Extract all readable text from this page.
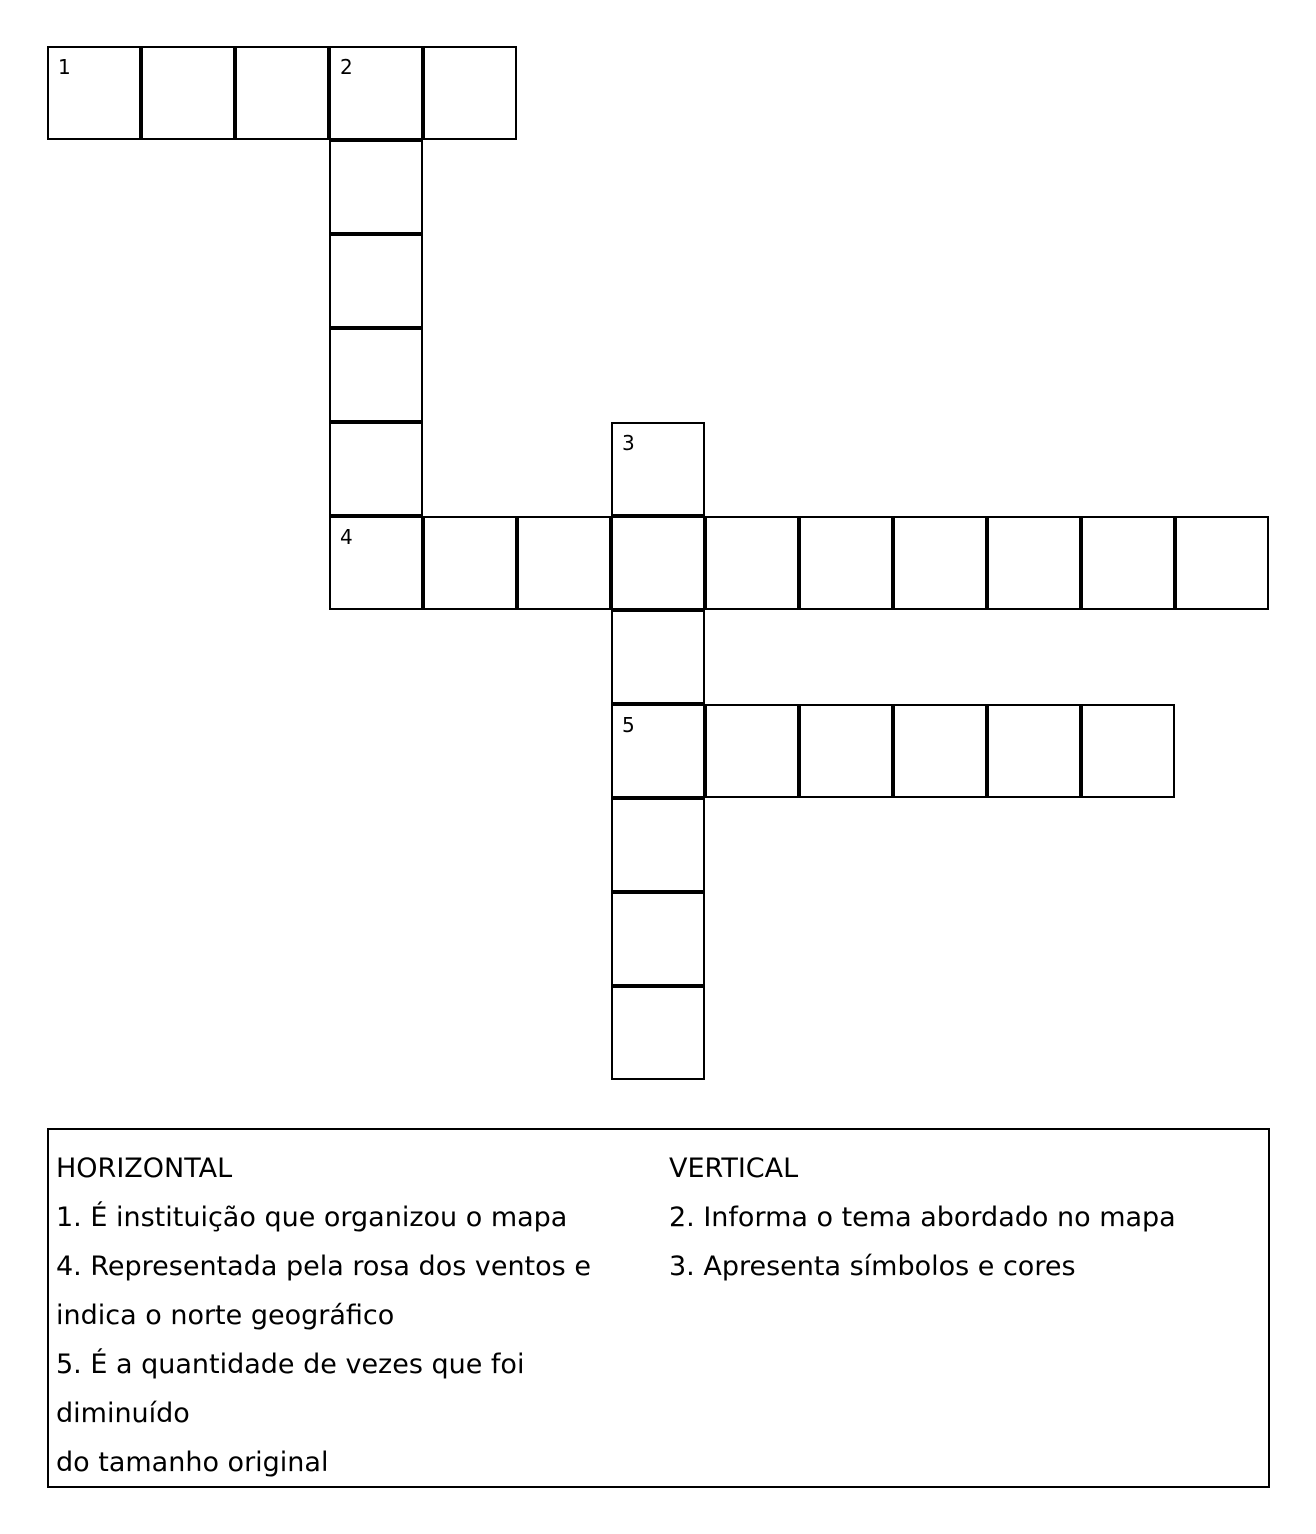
1	2
3
4
5
HORIZONTAL
1. É instituição que organizou o mapa
4. Representada pela rosa dos ventos e
indica o norte geográfico
5. É a quantidade de vezes que foi diminuído
do tamanho original
VERTICAL
2. Informa o tema abordado no mapa
3. Apresenta símbolos e cores
